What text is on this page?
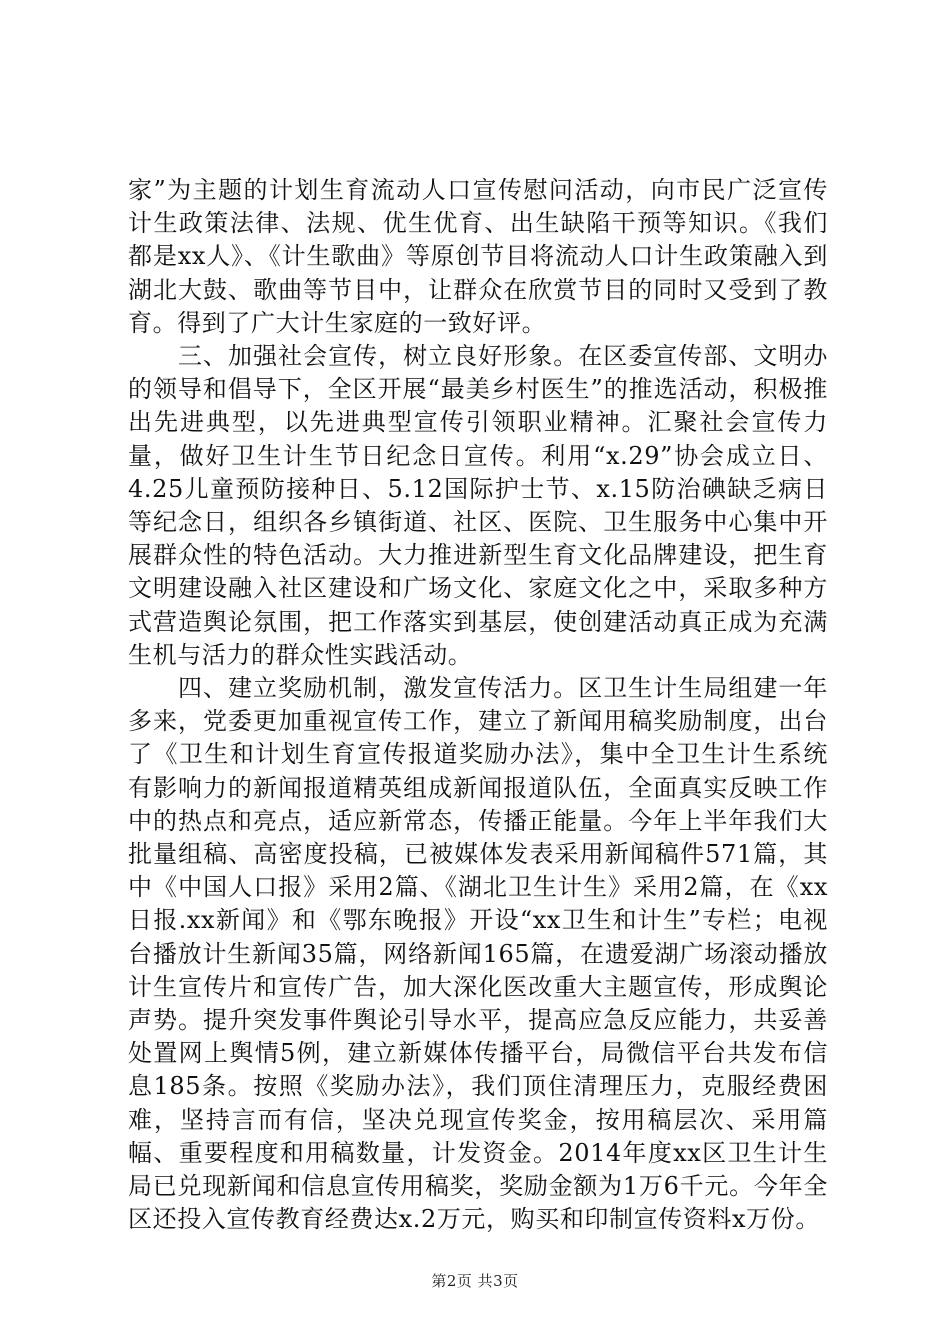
家”为主题的计划生育流动人口宣传慰问活动，向市民广泛宣传计生政策法律、法规、优生优育、出生缺陷干预等知识。《我们都是xx人》、《计生歌曲》等原创节目将流动人口计生政策融入到湖北大鼓、歌曲等节目中，让群众在欣赏节目的同时又受到了教育。得到了广大计生家庭的一致好评。

三、加强社会宣传，树立良好形象。在区委宣传部、文明办的领导和倡导下，全区开展“最美乡村医生”的推选活动，积极推出先进典型，以先进典型宣传引领职业精神。汇聚社会宣传力量，做好卫生计生节日纪念日宣传。利用“x.29”协会成立日、4.25儿童预防接种日、5.12国际护士节、x.15防治碘缺乏病日等纪念日，组织各乡镇街道、社区、医院、卫生服务中心集中开展群众性的特色活动。大力推进新型生育文化品牌建设，把生育文明建设融入社区建设和广场文化、家庭文化之中，采取多种方式营造舆论氛围，把工作落实到基层，使创建活动真正成为充满生机与活力的群众性实践活动。

四、建立奖励机制，激发宣传活力。区卫生计生局组建一年多来，党委更加重视宣传工作，建立了新闻用稿奖励制度，出台了《卫生和计划生育宣传报道奖励办法》，集中全卫生计生系统有影响力的新闻报道精英组成新闻报道队伍，全面真实反映工作中的热点和亮点，适应新常态，传播正能量。今年上半年我们大批量组稿、高密度投稿，已被媒体发表采用新闻稿件571篇，其中《中国人口报》采用2篇、《湖北卫生计生》采用2篇，在《xx日报.xx新闻》和《鄂东晚报》开设“xx卫生和计生”专栏；电视台播放计生新闻35篇，网络新闻165篇，在遗爱湖广场滚动播放计生宣传片和宣传广告，加大深化医改重大主题宣传，形成舆论声势。提升突发事件舆论引导水平，提高应急反应能力，共妥善处置网上舆情5例，建立新媒体传播平台，局微信平台共发布信息185条。按照《奖励办法》，我们顶住清理压力，克服经费困难，坚持言而有信，坚决兑现宣传奖金，按用稿层次、采用篇幅、重要程度和用稿数量，计发资金。2014年度xx区卫生计生局已兑现新闻和信息宣传用稿奖，奖励金额为1万6千元。今年全区还投入宣传教育经费达x.2万元，购买和印制宣传资料x万份。

第2页 共3页
